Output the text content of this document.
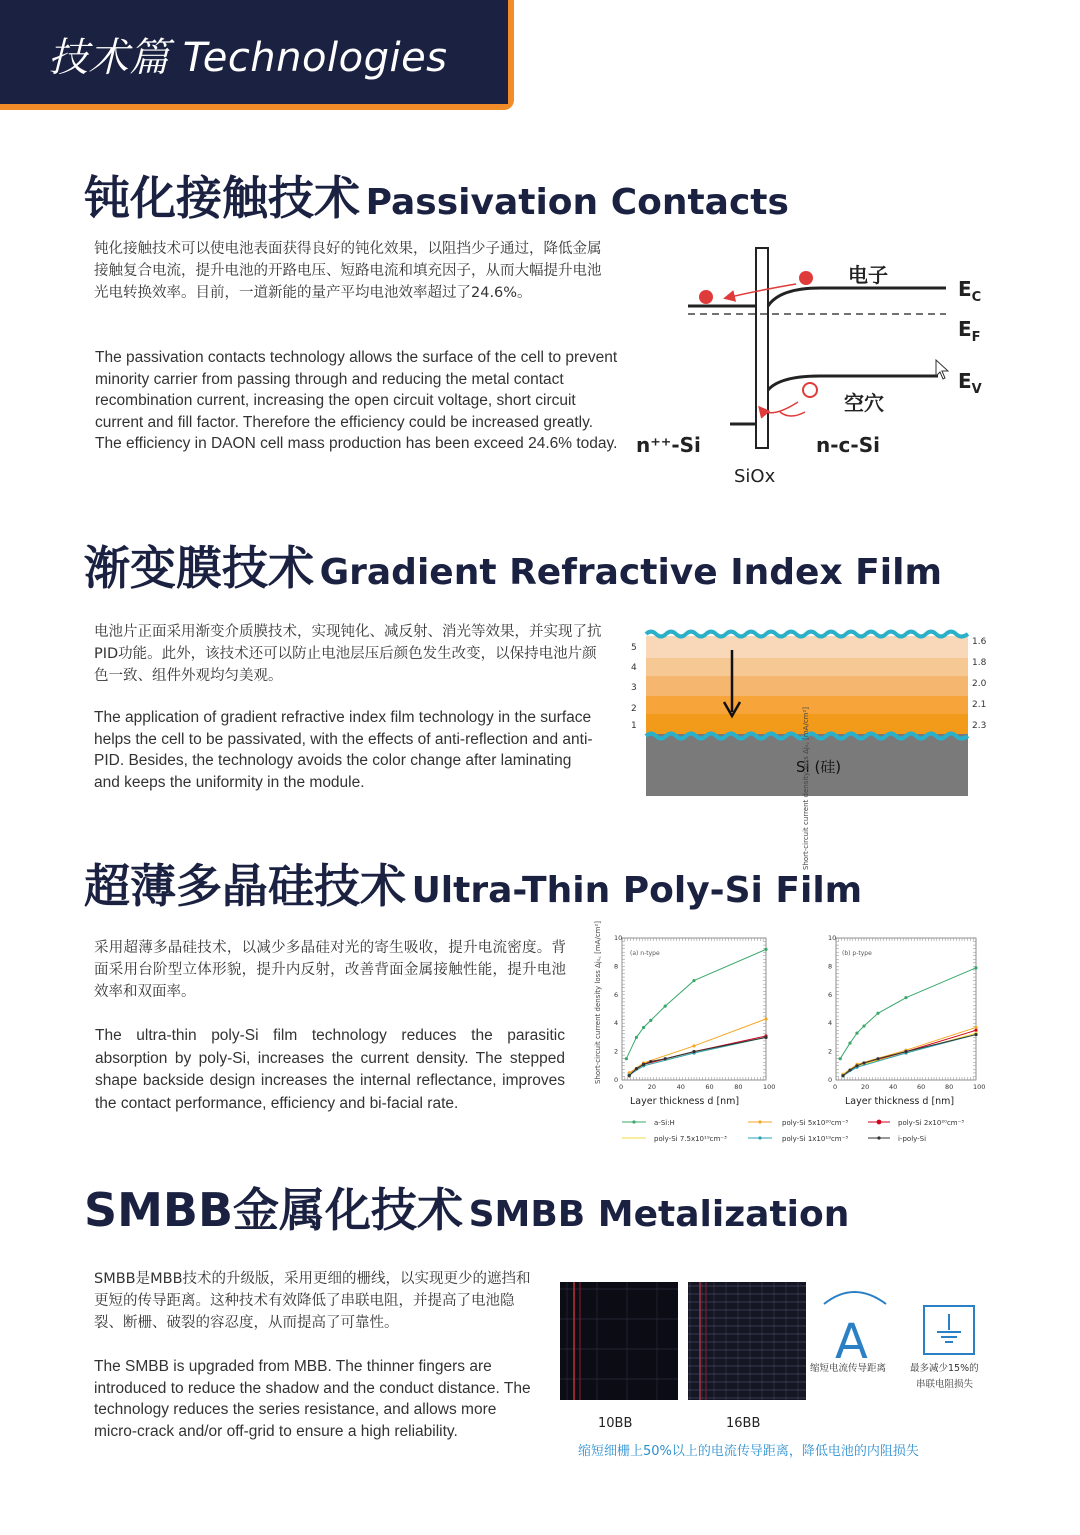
技术篇 Technologies
钝化接触技术 Passivation Contacts
钝化接触技术可以使电池表面获得良好的钝化效果，以阻挡少子通过，降低金属接触复合电流，提升电池的开路电压、短路电流和填充因子，从而大幅提升电池光电转换效率。目前，一道新能的量产平均电池效率超过了24.6%。
The passivation contacts technology allows the surface of the cell to prevent minority carrier from passing through and reducing the metal contact recombination current, increasing the open circuit voltage, short circuit current and fill factor. Therefore the efficiency could be increased greatly. The efficiency in DAON cell mass production has been exceed 24.6% today.
电子
空穴
$E_C$
$E_F$
$E_V$
n⁺⁺-Si	n-c-Si
SiOx
渐变膜技术 Gradient Refractive Index Film
电池片正面采用渐变介质膜技术，实现钝化、减反射、消光等效果，并实现了抗PID功能。此外，该技术还可以防止电池层压后颜色发生改变，以保持电池片颜色一致、组件外观均匀美观。
The application of gradient refractive index film technology in the surface helps the cell to be passivated, with the effects of anti-reflection and anti-PID. Besides, the technology avoids the color change after laminating and keeps the uniformity in the module.
5
4
3
2
1
1.6
1.8
2.0
2.1
2.3
Si (硅)
超薄多晶硅技术 Ultra-Thin Poly-Si Film
采用超薄多晶硅技术，以减少多晶硅对光的寄生吸收，提升电流密度。背面采用台阶型立体形貌，提升内反射，改善背面金属接触性能，提升电池效率和双面率。
The ultra-thin poly-Si film technology reduces the parasitic absorption by poly-Si, increases the current density. The stepped shape backside design increases the internal reflectance, improves the contact performance, efficiency and bi-facial rate.
Short-circuit current density loss Δjₛ꜀ [mA/cm²]
Short-circuit current density loss Δjₛ꜀ [mA/cm²]
Layer thickness d [nm]	Layer thickness d [nm]
(a) n-type	(b) p-type
a-Si:H	poly-Si 5x10²⁰cm⁻³	poly-Si 2x10²⁰cm⁻³
poly-Si 7.5x10¹⁹cm⁻³	poly-Si 1x10¹⁹cm⁻³	i-poly-Si
0	20	40	60	80	100
0
2
4
6
8
10
0	20	40	60	80	100
0
2
4
6
8
10
SMBB金属化技术 SMBB Metalization
SMBB是MBB技术的升级版，采用更细的栅线，以实现更少的遮挡和更短的传导距离。这种技术有效降低了串联电阻，并提高了电池隐裂、断栅、破裂的容忍度，从而提高了可靠性。
The SMBB is upgraded from MBB. The thinner fingers are introduced to reduce the shadow and the conduct distance. The technology reduces the series resistance, and allows more micro-crack and/or off-grid to ensure a high reliability.	10BB	16BB
A
缩短电流传导距离	最多减少15%的
串联电阻损失
缩短细栅上50%以上的电流传导距离，降低电池的内阻损失
